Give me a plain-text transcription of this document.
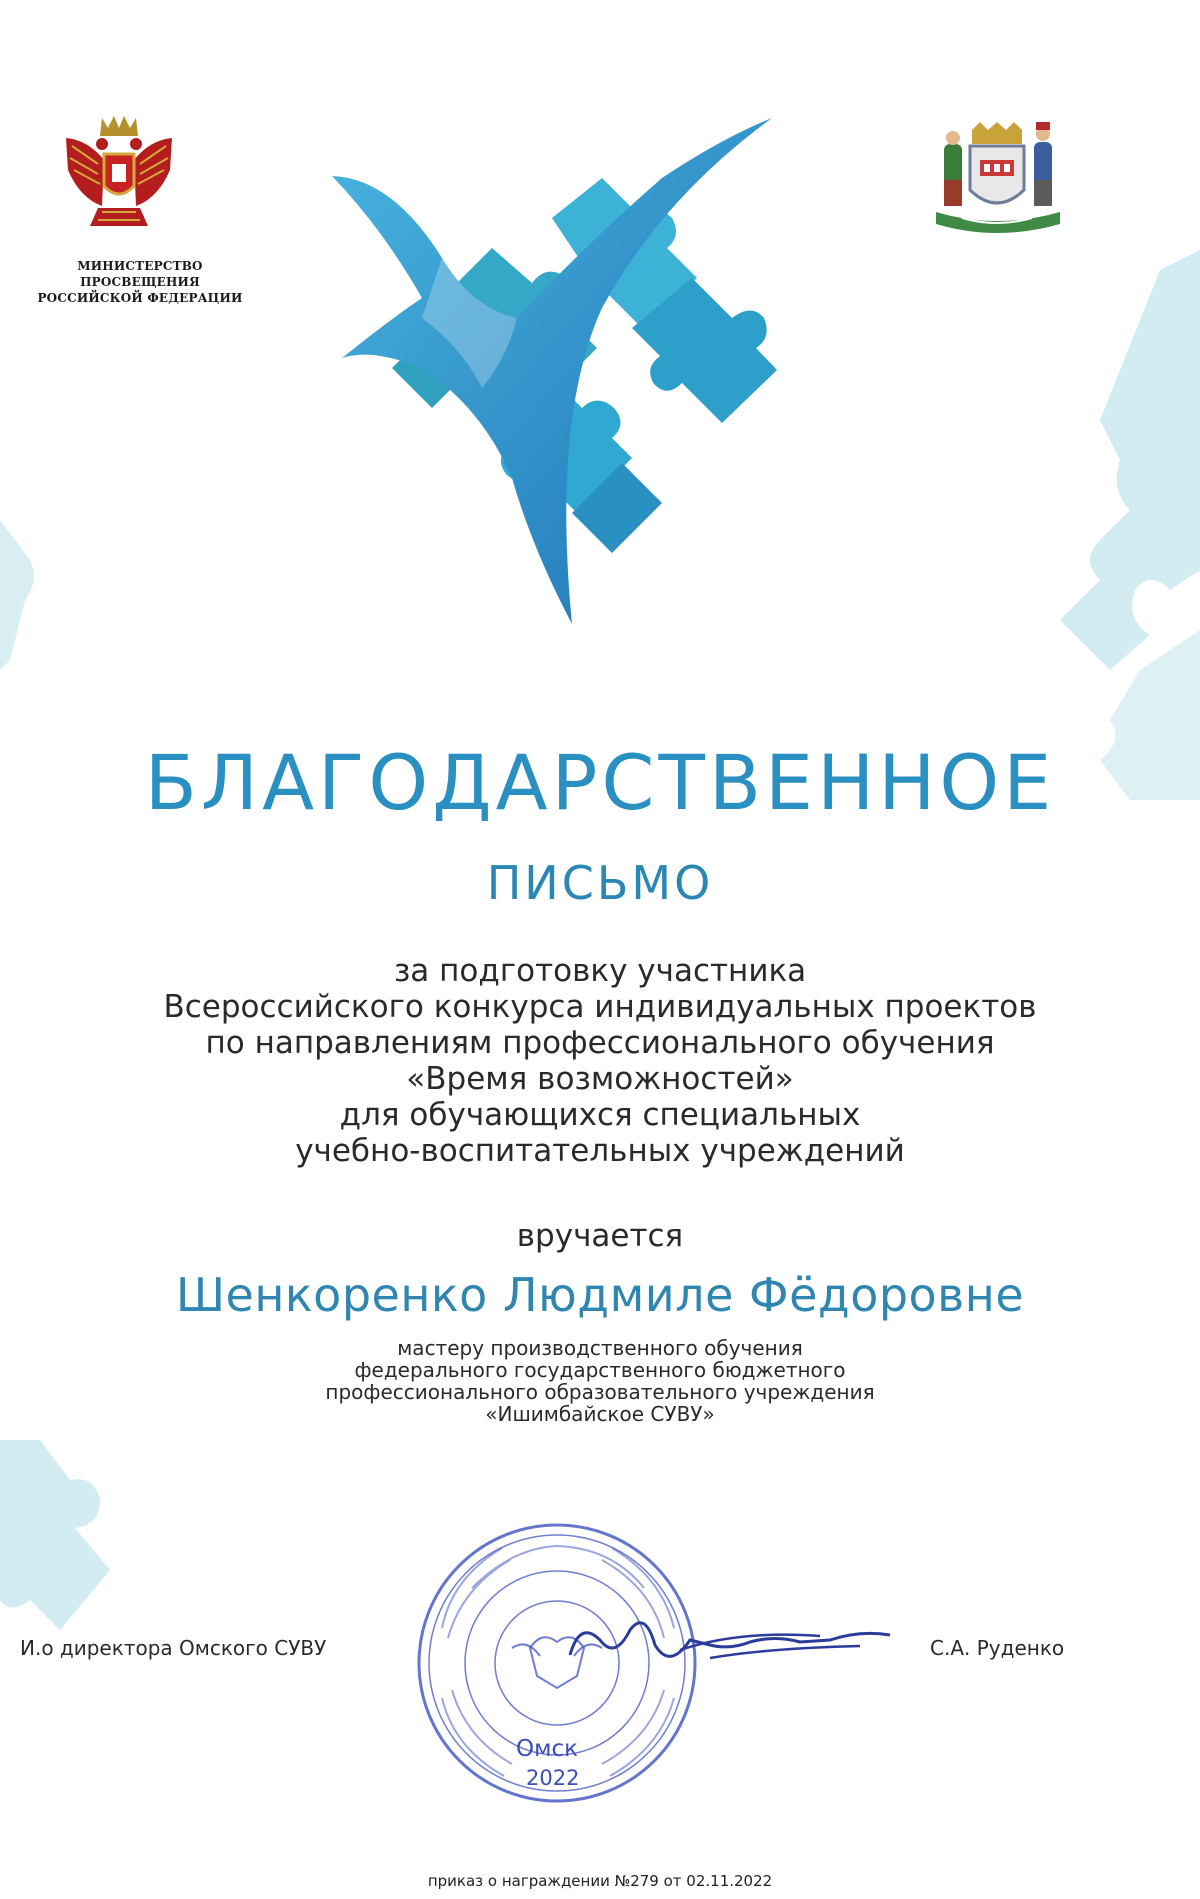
МИНИСТЕРСТВО ПРОСВЕЩЕНИЯ
РОССИЙСКОЙ ФЕДЕРАЦИИ
БЛАГОДАРСТВЕННОЕ
ПИСЬМО
за подготовку участника
Всероссийского конкурса индивидуальных проектов
по направлениям профессионального обучения
«Время возможностей»
для обучающихся специальных
учебно-воспитательных учреждений
вручается
Шенкоренко Людмиле Фёдоровне
мастеру производственного обучения
федерального государственного бюджетного
профессионального образовательного учреждения
«Ишимбайское СУВУ»
Омск
2022
И.о директора Омского СУВУ	С.А. Руденко
приказ о награждении №279 от 02.11.2022
